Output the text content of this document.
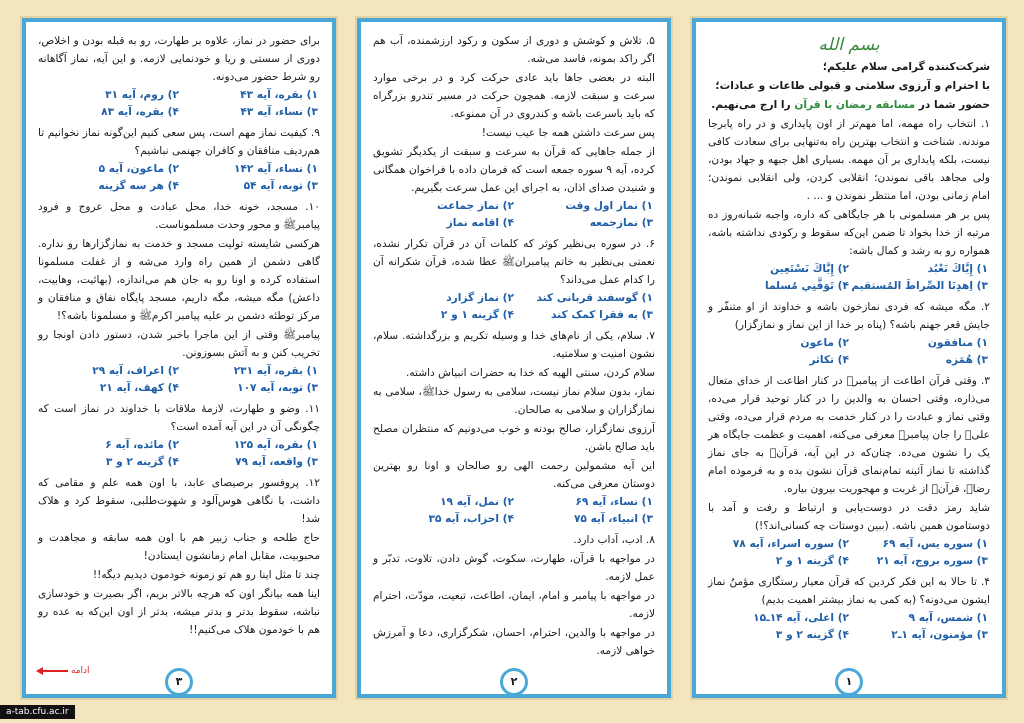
بسم الله

شرکت‌کننده گرامی سلام علیکم؛

با احترام و آرزوی سلامتی و قبولی طاعات و عبادات؛

حضور شما در مسابقه رمضان با قرآن را ارج می‌نهیم.

۱. انتخاب راه مهمه، اما مهم‌تر از اون پایداری و در راه پابرجا موندنه. شناخت و انتخاب بهترین راه به‌تنهایی برای سعادت کافی نیست، بلکه پایداری بر آن مهمه. بسیاری اهل جبهه و جهاد بودن، ولی مجاهد باقی نموندن؛ انقلابی کردن، ولی انقلابی نموندن؛ امام زمانی بودن، اما منتظر نموندن و ... .

پس بر هر مسلمونی با هر جایگاهی که داره، واجبه شبانه‌روز ده مرتبه از خدا بخواد تا ضمن این‌که سقوط و رکودی نداشته باشه، همواره رو به رشد و کمال باشه:

۱) إِيَّاكَ نَعْبُد
۲) إِيَّاكَ نَسْتَعِين
۳) اِهدِنَا الصِّراطَ المُستقيم
۴) تَوَفَّنِي مُسلما

۲. مگه میشه که فردی نمازخون باشه و خداوند از او متنفّر و جایش قعر جهنم باشه؟ (پناه بر خدا از این نماز و نمازگزار)

۱) منافقون
۲) ماعون
۳) هُمَزه
۴) تکاثر

۳. وقتی قرآن اطاعت از پیامبرﷺ در کنار اطاعت از خدای متعال می‌ذاره، وقتی احسان به والدین را در کنار توحید قرار می‌ده، وقتی نماز و عبادت را در کنار خدمت به مردم قرار می‌ده، وقتی علیؑ را جان پیامبرﷺ معرفی می‌کنه، اهمیت و عظمت جایگاه هر یک را نشون می‌ده. چنان‌که در این آیه، قرآنؑ به جای نماز گذاشته تا نماز آئینه تمام‌نمای قرآن نشون بده و به فرموده امام رضاؑ، قرآنؑ از غربت و مهجوریت بیرون بیاره.

شاید رمز دقت در دوست‌یابی و ارتباط و رفت و آمد با دوستامون همین باشه. (ببین دوستات چه کسانی‌اند؟!)

۱) سوره یس، آیه ۶۹
۲) سوره اسراء، آیه ۷۸
۳) سوره بروج، آیه ۲۱
۴) گزینه ۱ و ۲

۴. تا حالا به این فکر کردین که قرآن معیار رستگاری مؤمنُ نماز ایشون می‌دونه؟ (به کمی به نماز بیشتر اهمیت بدیم)

۱) شمس، آیه ۹
۲) اعلی، آیه ۱۴ـ۱۵
۳) مؤمنون، آیه ۱ـ۲
۴) گزینه ۲ و ۳
۱

۵. تلاش و کوشش و دوری از سکون و رکود ارزشمنده، آب هم اگر راکد بمونه، فاسد می‌شه.

البته در بعضی جاها باید عادی حرکت کرد و در برخی موارد سرعت و سبقت لازمه. همچون حرکت در مسیر تندرو بزرگراه که باید باسرعت باشه و کندروی در آن ممنوعه.

پس سرعت داشتن همه جا عیب نیست!

از جمله جاهایی که قرآن به سرعت و سبقت از یکدیگر تشویق کرده، آیه ۹ سوره جمعه است که فرمان داده با فراخوان همگانی و شنیدن صدای اذان، به اجرای این عمل سرعت بگیریم.

۱) نماز اول وقت
۲) نماز جماعت
۳) نمازجمعه
۴) اقامه نماز

۶. در سوره بی‌نظیر کوثر که کلمات آن در قرآن تکرار نشده، نعمتی بی‌نظیر به خاتم پیامبرانﷺ عطا شده، قرآن شکرانه آن را کدام عمل می‌داند؟

۱) گوسفند قربانی کند
۲) نماز گزارد
۳) به فقرا کمک کند
۴) گزینه ۱ و ۲

۷. سلام، یکی از نام‌های خدا و وسیله تکریم و بزرگداشته. سلام، نشون امنیت و سلامتیه.

سلام کردن، سنتی الهیه که خدا به حضرات انبیاش داشته.

نماز، بدون سلام نماز نیست، سلامی به رسول خداﷺ، سلامی به نمازگزاران و سلامی به صالحان.

آرزوی نمازگزار، صالح بودنه و خوب می‌دونیم که منتظران مصلح باید صالح باشن.

این آیه مشمولین رحمت الهی رو صالحان و اونا رو بهترین دوستان معرفی می‌کنه.

۱) نساء، آیه ۶۹
۲) نمل، آیه ۱۹
۳) انبیاء، آیه ۷۵
۴) احزاب، آیه ۳۵

۸. ادب، آداب دارد.

در مواجهه با قرآن، طهارت، سکوت، گوش دادن، تلاوت، تدبّر و عمل لازمه.

در مواجهه با پیامبر و امام، ایمان، اطاعت، تبعیت، مودّت، احترام لازمه.

در مواجهه با والدین، احترام، احسان، شکرگزاری، دعا و آمرزش خواهی لازمه.

۲

برای حضور در نماز، علاوه بر طهارت، رو به قبله بودن و اخلاص، دوری از سستی و ریا و خودنمایی لازمه. و این آیه، نماز آگاهانه رو شرط حضور می‌دونه.

۱) بقره، آیه ۴۳
۲) روم، آیه ۳۱
۳) نساء، آیه ۴۳
۴) بقره، آیه ۸۳

۹. کیفیت نماز مهم است، پس سعی کنیم این‌گونه نماز نخوانیم تا هم‌ردیف منافقان و کافران جهنمی نباشیم؟

۱) نساء، آیه ۱۴۲
۲) ماعون، آیه ۵
۳) توبه، آیه ۵۴
۴) هر سه گزینه

۱۰. مسجد، خونه خدا، محل عبادت و محل عروج و فرود پیامبرﷺ و محور وحدت مسلموناست.

هرکسی شایسته تولیت مسجد و خدمت به نمازگزارها رو نداره. گاهی دشمن از همین راه وارد می‌شه و از غفلت مسلمونا استفاده کرده و اونا رو به جان هم می‌اندازه، (بهائیت، وهابیت، داعش) مگه میشه، مگه داریم، مسجد پایگاه نفاق و منافقان و مرکز توطئه دشمن بر علیه پیامبر اکرمﷺ و مسلمونا باشه؟!

پیامبرﷺ وقتی از این ماجرا باخبر شدن، دستور دادن اونجا رو تخریب کنن و به آتش بسوزونن.

۱) بقره، آیه ۲۳۱
۲) اعراف، آیه ۲۹
۳) توبه، آیه ۱۰۷
۴) کهف، آیه ۲۱

۱۱. وضو و طهارت، لازمهٔ ملاقات با خداوند در نماز است که چگونگی آن در این آیه آمده است؟

۱) بقره، آیه ۱۲۵
۲) مائده، آیه ۶
۳) واقعه، آیه ۷۹
۴) گزینه ۲ و ۳

۱۲. پروفسور برصیصای عابد، با اون همه علم و مقامی که داشت، با نگاهی هوس‌آلود و شهوت‌طلبی، سقوط کرد و هلاک شد!

حاج طلحه و جناب زبیر هم با اون همه سابقه و مجاهدت و محبوبیت، مقابل امام زمانشون ایستادن!

چند تا مثل اینا رو هم تو زمونه خودمون دیدیم دیگه!!

اینا همه بیانگر اون که هرچه بالاتر بریم، اگر بصیرت و خودسازی نباشه، سقوط بدتر و بدتر میشه، بدتر از اون این‌که به عده رو هم با خودمون هلاک می‌کنیم!!

ادامه
۳
a-tab.cfu.ac.ir
